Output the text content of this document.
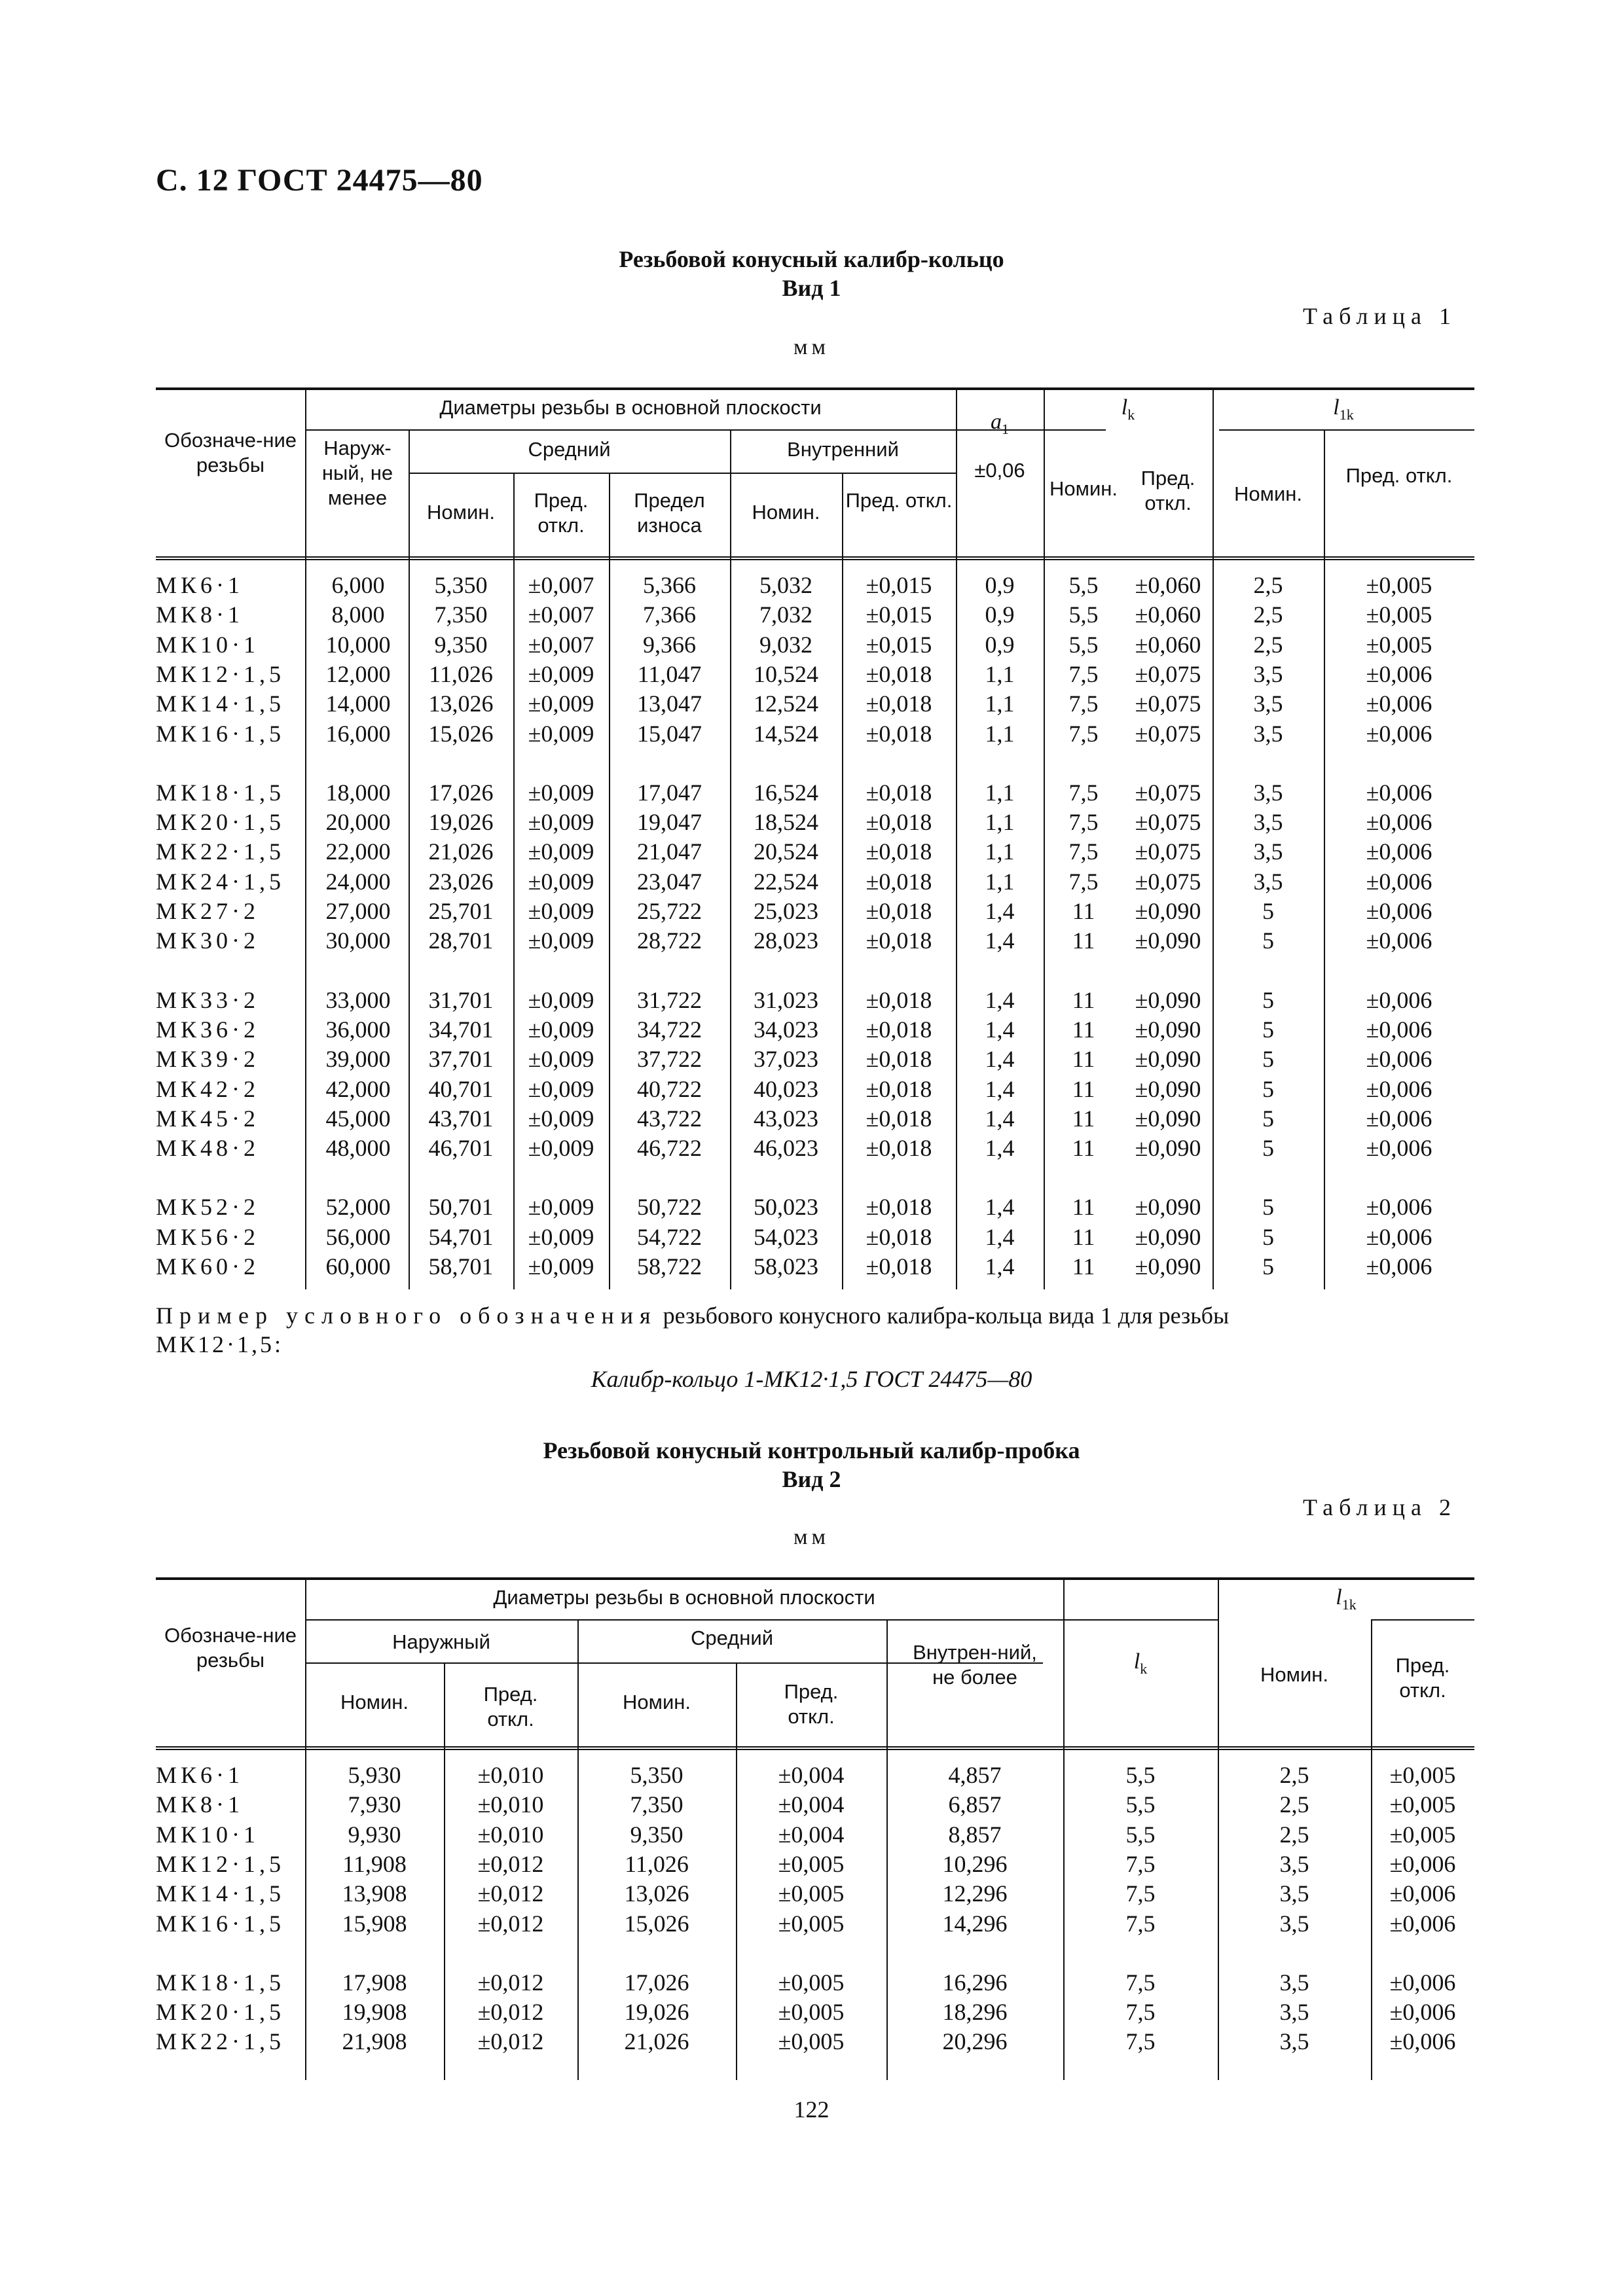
С. 12 ГОСТ 24475—80
Резьбовой конусный калибр-кольцо
Вид 1
Таблица 1
мм
Диаметры резьбы в основной плоскости
Обозначе-ние резьбы
Наруж-ный, не менее
Средний	Внутренний
Номин.
Пред. откл.
Предел износа
Номин.
Пред. откл.
$a_1$
±0,06
$l_k$	$l_{1k}$
Номин.	Пред. откл.	Номин.
Пред. откл.
МК6·1	6,000	5,350	±0,007	5,366	5,032	±0,015	0,9	5,5	±0,060	2,5	±0,005
МК8·1	8,000	7,350	±0,007	7,366	7,032	±0,015	0,9	5,5	±0,060	2,5	±0,005
МК10·1	10,000	9,350	±0,007	9,366	9,032	±0,015	0,9	5,5	±0,060	2,5	±0,005
МК12·1,5	12,000	11,026	±0,009	11,047	10,524	±0,018	1,1	7,5	±0,075	3,5	±0,006
МК14·1,5	14,000	13,026	±0,009	13,047	12,524	±0,018	1,1	7,5	±0,075	3,5	±0,006
МК16·1,5	16,000	15,026	±0,009	15,047	14,524	±0,018	1,1	7,5	±0,075	3,5	±0,006
МК18·1,5	18,000	17,026	±0,009	17,047	16,524	±0,018	1,1	7,5	±0,075	3,5	±0,006
МК20·1,5	20,000	19,026	±0,009	19,047	18,524	±0,018	1,1	7,5	±0,075	3,5	±0,006
МК22·1,5	22,000	21,026	±0,009	21,047	20,524	±0,018	1,1	7,5	±0,075	3,5	±0,006
МК24·1,5	24,000	23,026	±0,009	23,047	22,524	±0,018	1,1	7,5	±0,075	3,5	±0,006
МК27·2	27,000	25,701	±0,009	25,722	25,023	±0,018	1,4	11	±0,090	5	±0,006
МК30·2	30,000	28,701	±0,009	28,722	28,023	±0,018	1,4	11	±0,090	5	±0,006
МК33·2	33,000	31,701	±0,009	31,722	31,023	±0,018	1,4	11	±0,090	5	±0,006
МК36·2	36,000	34,701	±0,009	34,722	34,023	±0,018	1,4	11	±0,090	5	±0,006
МК39·2	39,000	37,701	±0,009	37,722	37,023	±0,018	1,4	11	±0,090	5	±0,006
МК42·2	42,000	40,701	±0,009	40,722	40,023	±0,018	1,4	11	±0,090	5	±0,006
МК45·2	45,000	43,701	±0,009	43,722	43,023	±0,018	1,4	11	±0,090	5	±0,006
МК48·2	48,000	46,701	±0,009	46,722	46,023	±0,018	1,4	11	±0,090	5	±0,006
МК52·2	52,000	50,701	±0,009	50,722	50,023	±0,018	1,4	11	±0,090	5	±0,006
МК56·2	56,000	54,701	±0,009	54,722	54,023	±0,018	1,4	11	±0,090	5	±0,006
МК60·2	60,000	58,701	±0,009	58,722	58,023	±0,018	1,4	11	±0,090	5	±0,006
Пример условного обозначения резьбового конусного калибра-кольца вида 1 для резьбы
МК12·1,5:
Калибр-кольцо 1-МК12·1,5 ГОСТ 24475—80
Резьбовой конусный контрольный калибр-пробка
Вид 2
Таблица 2
мм
Диаметры резьбы в основной плоскости
Обозначе-ние резьбы
Наружный	Средний
Внутрен-ний, не более
Номин.	Пред. откл.
Номин.	Пред. откл.
$l_k$
$l_{1k}$
Номин.	Пред. откл.
МК6·1	5,930	±0,010	5,350	±0,004	4,857	5,5	2,5	±0,005
МК8·1	7,930	±0,010	7,350	±0,004	6,857	5,5	2,5	±0,005
МК10·1	9,930	±0,010	9,350	±0,004	8,857	5,5	2,5	±0,005
МК12·1,5	11,908	±0,012	11,026	±0,005	10,296	7,5	3,5	±0,006
МК14·1,5	13,908	±0,012	13,026	±0,005	12,296	7,5	3,5	±0,006
МК16·1,5	15,908	±0,012	15,026	±0,005	14,296	7,5	3,5	±0,006
МК18·1,5	17,908	±0,012	17,026	±0,005	16,296	7,5	3,5	±0,006
МК20·1,5	19,908	±0,012	19,026	±0,005	18,296	7,5	3,5	±0,006
МК22·1,5	21,908	±0,012	21,026	±0,005	20,296	7,5	3,5	±0,006
122
